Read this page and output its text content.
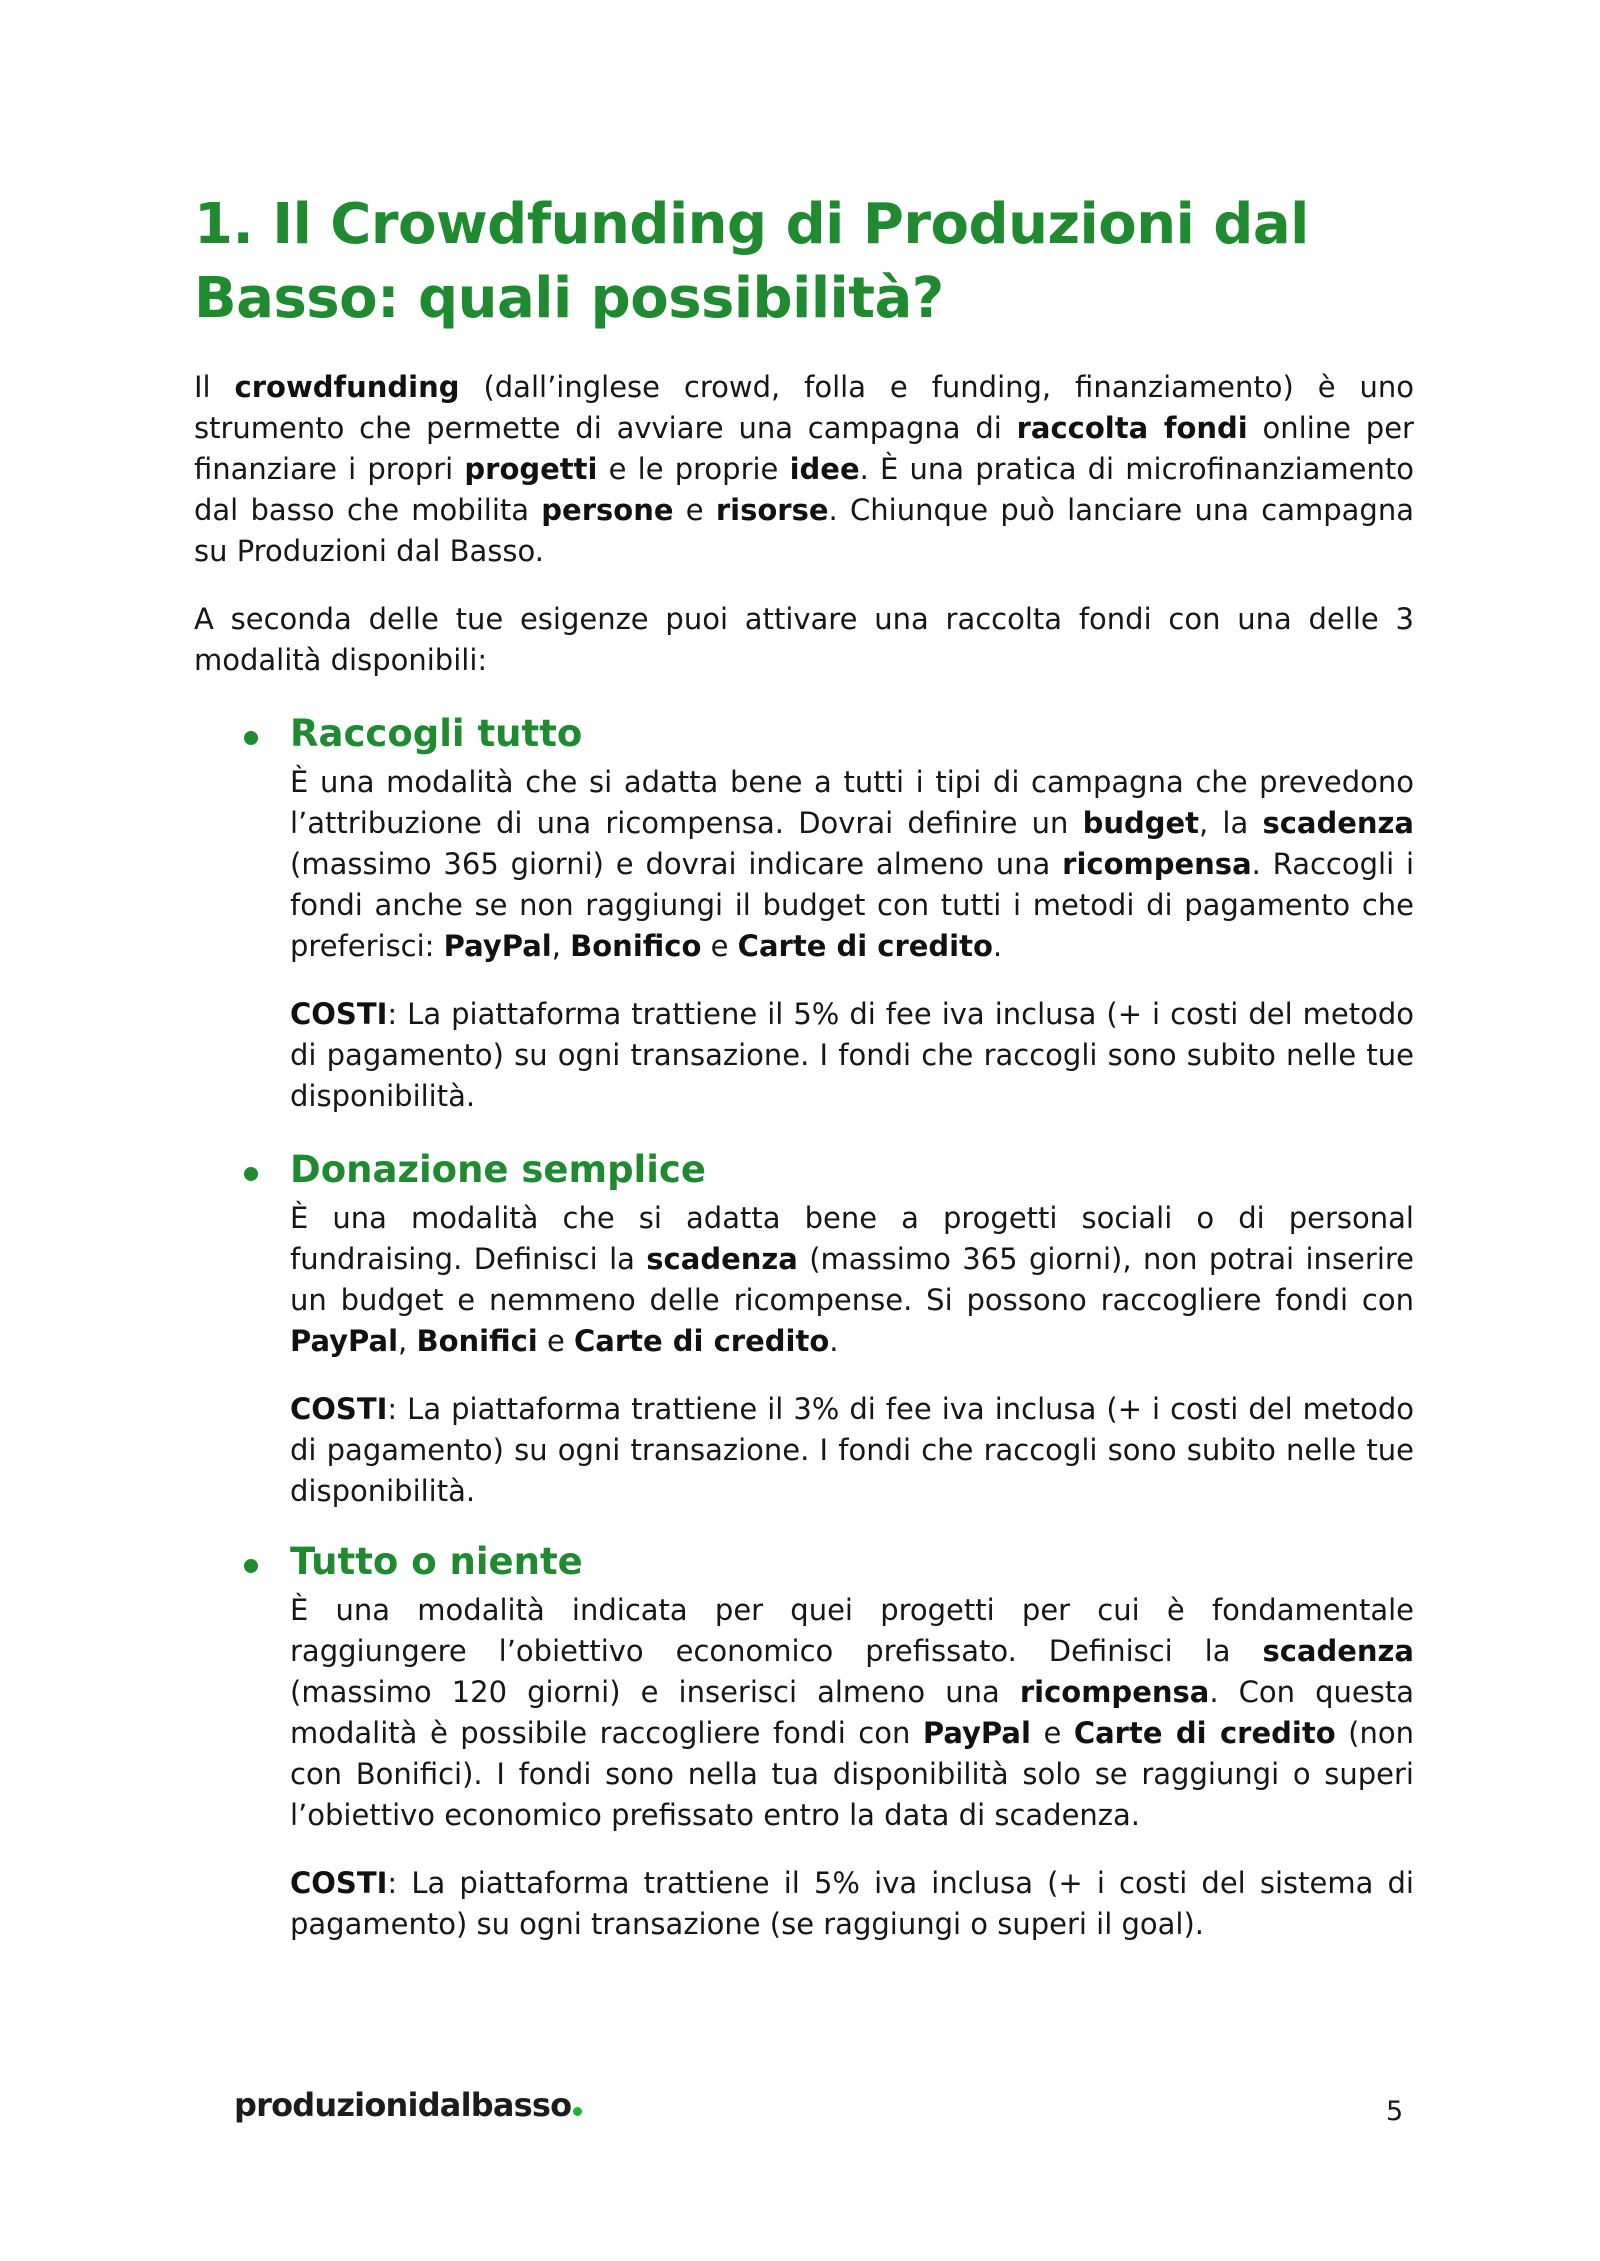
1. Il Crowdfunding di Produzioni dal Basso: quali possibilità?

Il crowdfunding (dall’inglese crowd, folla e funding, finanziamento) è uno strumento che permette di avviare una campagna di raccolta fondi online per finanziare i propri progetti e le proprie idee. È una pratica di microfinanziamento dal basso che mobilita persone e risorse. Chiunque può lanciare una campagna su Produzioni dal Basso.

A seconda delle tue esigenze puoi attivare una raccolta fondi con una delle 3 modalità disponibili:

Raccogli tutto

È una modalità che si adatta bene a tutti i tipi di campagna che prevedono l’attribuzione di una ricompensa. Dovrai definire un budget, la scadenza (massimo 365 giorni) e dovrai indicare almeno una ricompensa. Raccogli i fondi anche se non raggiungi il budget con tutti i metodi di pagamento che preferisci: PayPal, Bonifico e Carte di credito.

COSTI: La piattaforma trattiene il 5% di fee iva inclusa (+ i costi del metodo di pagamento) su ogni transazione. I fondi che raccogli sono subito nelle tue disponibilità.

Donazione semplice

È una modalità che si adatta bene a progetti sociali o di personal fundraising. Definisci la scadenza (massimo 365 giorni), non potrai inserire un budget e nemmeno delle ricompense. Si possono raccogliere fondi con PayPal, Bonifici e Carte di credito.

COSTI: La piattaforma trattiene il 3% di fee iva inclusa (+ i costi del metodo di pagamento) su ogni transazione. I fondi che raccogli sono subito nelle tue disponibilità.

Tutto o niente

È una modalità indicata per quei progetti per cui è fondamentale raggiungere l’obiettivo economico prefissato. Definisci la scadenza (massimo 120 giorni) e inserisci almeno una ricompensa. Con questa modalità è possibile raccogliere fondi con PayPal e Carte di credito (non con Bonifici). I fondi sono nella tua disponibilità solo se raggiungi o superi l’obiettivo economico prefissato entro la data di scadenza.

COSTI: La piattaforma trattiene il 5% iva inclusa (+ i costi del sistema di pagamento) su ogni transazione (se raggiungi o superi il goal).

produzionidalbasso	5
